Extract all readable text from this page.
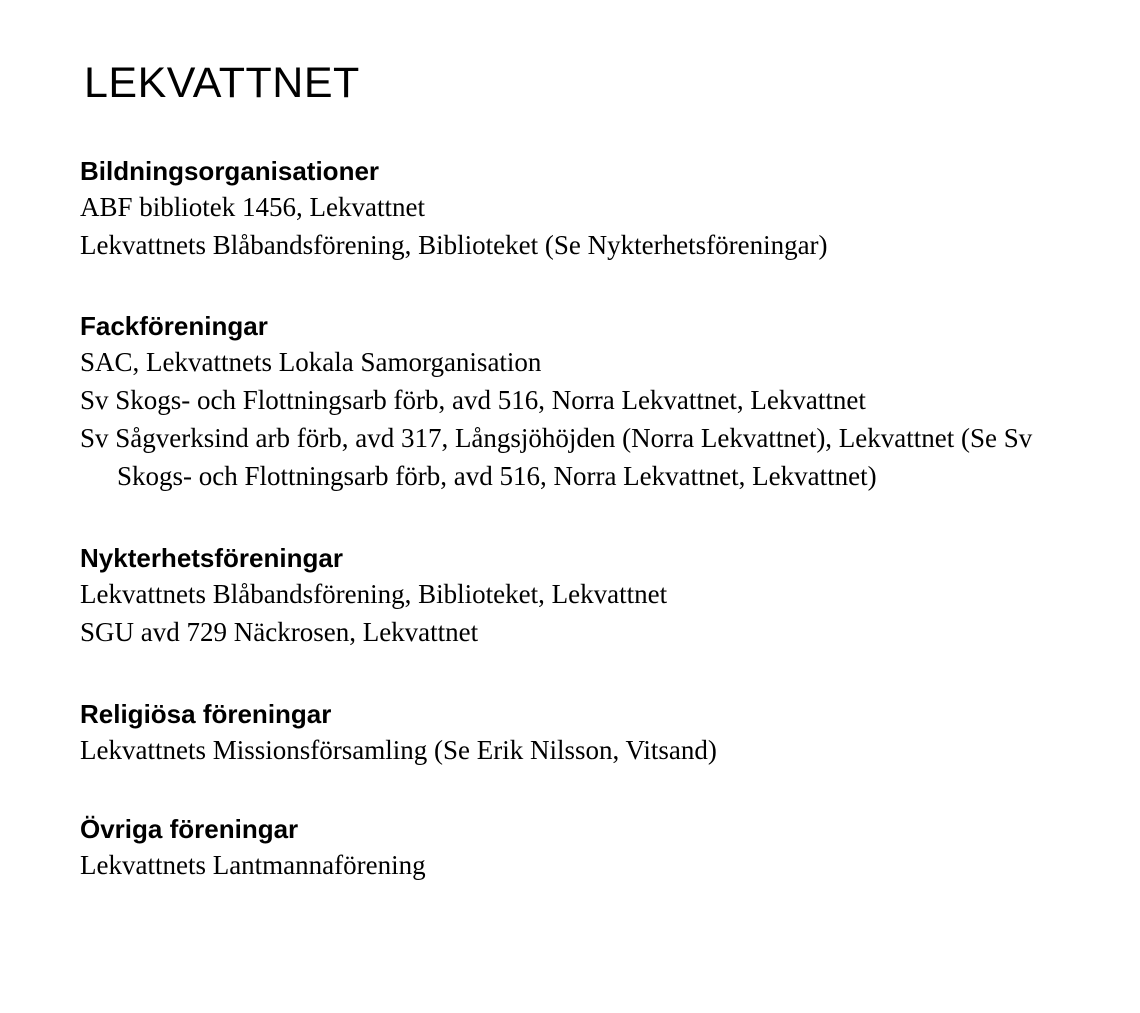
LEKVATTNET
Bildningsorganisationer

ABF bibliotek 1456, Lekvattnet

Lekvattnets Blåbandsförening, Biblioteket (Se Nykterhetsföreningar)

Fackföreningar

SAC, Lekvattnets Lokala Samorganisation

Sv Skogs- och Flottningsarb förb, avd 516, Norra Lekvattnet, Lekvattnet

Sv Sågverksind arb förb, avd 317, Långsjöhöjden (Norra Lekvattnet), Lekvattnet (Se Sv

Skogs- och Flottningsarb förb, avd 516, Norra Lekvattnet, Lekvattnet)

Nykterhetsföreningar

Lekvattnets Blåbandsförening, Biblioteket, Lekvattnet

SGU avd 729 Näckrosen, Lekvattnet

Religiösa föreningar

Lekvattnets Missionsförsamling (Se Erik Nilsson, Vitsand)

Övriga föreningar

Lekvattnets Lantmannaförening
